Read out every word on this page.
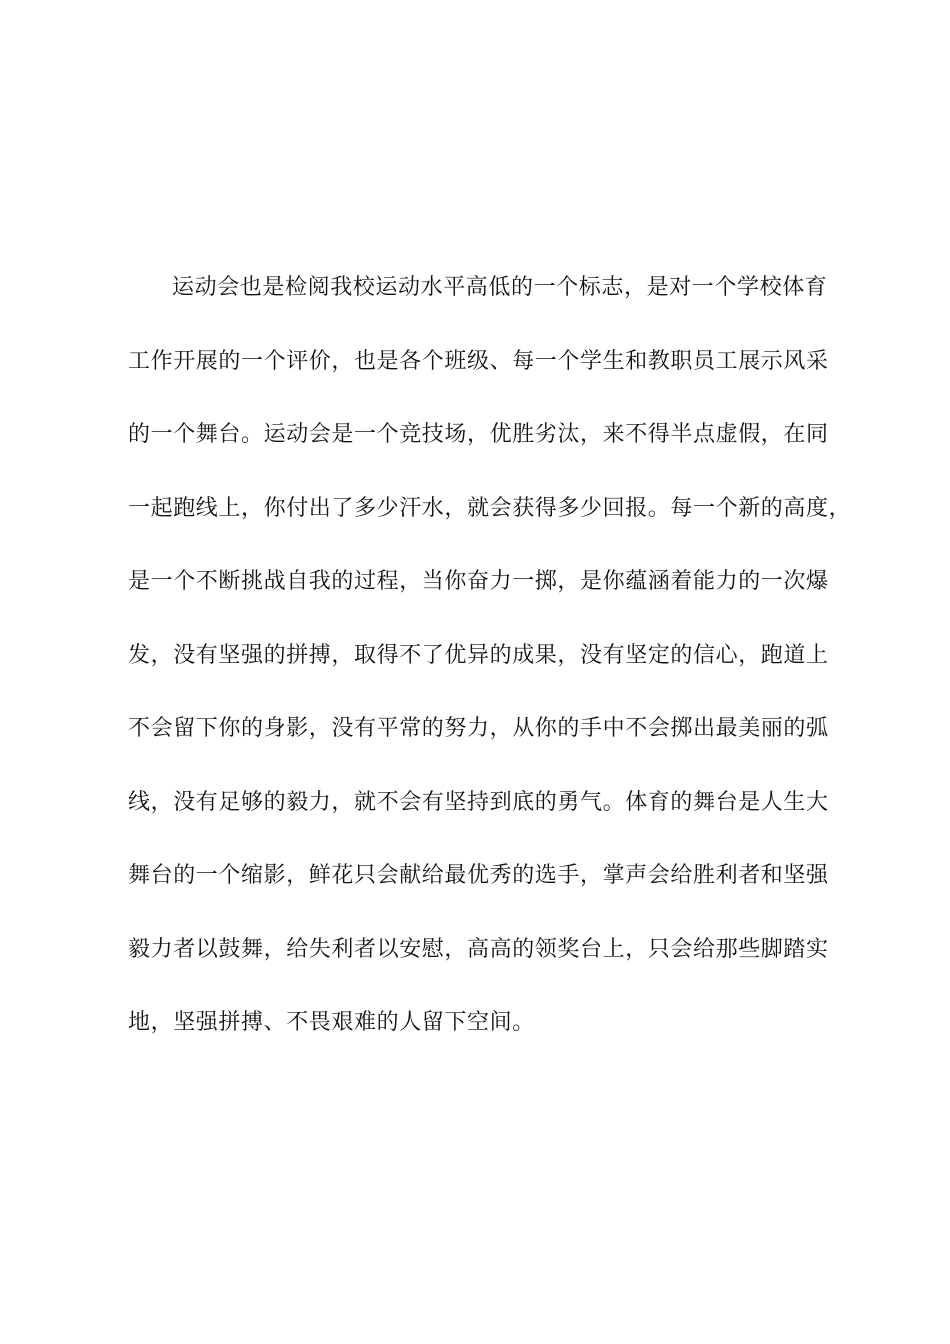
运动会也是检阅我校运动水平高低的一个标志，是对一个学校体育
工作开展的一个评价，也是各个班级、每一个学生和教职员工展示风采
的一个舞台。运动会是一个竞技场，优胜劣汰，来不得半点虚假，在同
一起跑线上，你付出了多少汗水，就会获得多少回报。每一个新的高度，
是一个不断挑战自我的过程，当你奋力一掷，是你蕴涵着能力的一次爆
发，没有坚强的拼搏，取得不了优异的成果，没有坚定的信心，跑道上
不会留下你的身影，没有平常的努力，从你的手中不会掷出最美丽的弧
线，没有足够的毅力，就不会有坚持到底的勇气。体育的舞台是人生大
舞台的一个缩影，鲜花只会献给最优秀的选手，掌声会给胜利者和坚强
毅力者以鼓舞，给失利者以安慰，高高的领奖台上，只会给那些脚踏实
地，坚强拼搏、不畏艰难的人留下空间。
